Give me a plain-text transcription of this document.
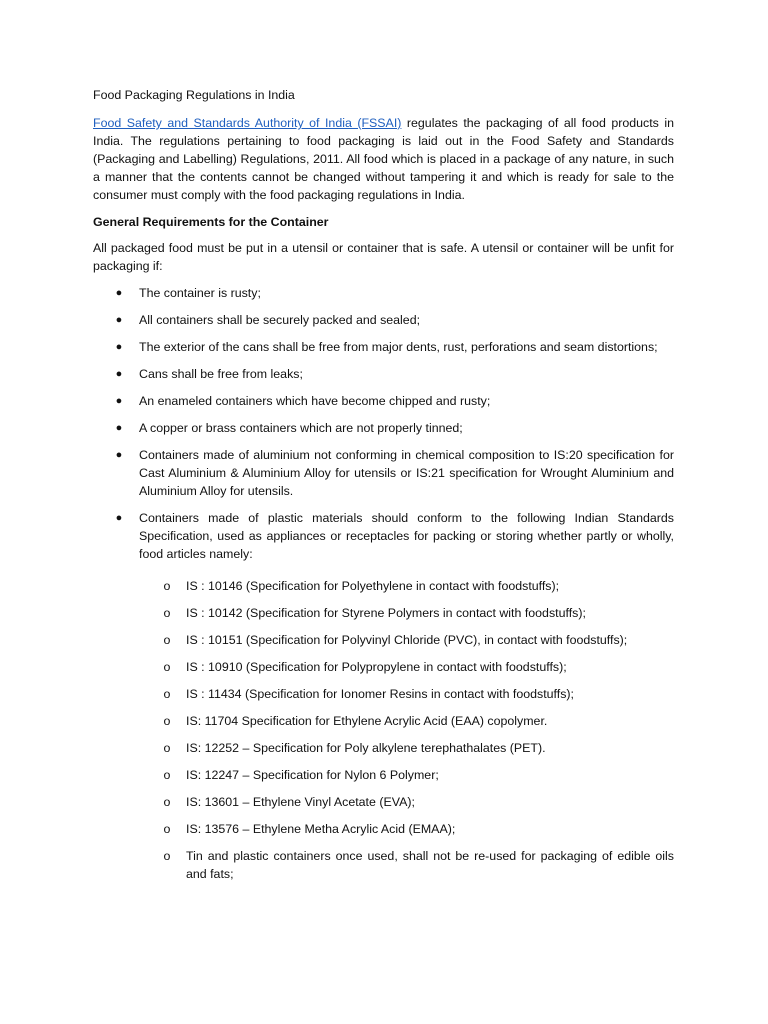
Food Packaging Regulations in India

Food Safety and Standards Authority of India (FSSAI) regulates the packaging of all food products in India. The regulations pertaining to food packaging is laid out in the Food Safety and Standards (Packaging and Labelling) Regulations, 2011. All food which is placed in a package of any nature, in such a manner that the contents cannot be changed without tampering it and which is ready for sale to the consumer must comply with the food packaging regulations in India.

General Requirements for the Container

All packaged food must be put in a utensil or container that is safe. A utensil or container will be unfit for packaging if:

● The container is rusty;
● All containers shall be securely packed and sealed;
● The exterior of the cans shall be free from major dents, rust, perforations and seam distortions;
● Cans shall be free from leaks;
● An enameled containers which have become chipped and rusty;
● A copper or brass containers which are not properly tinned;
● Containers made of aluminium not conforming in chemical composition to IS:20 specification for Cast Aluminium & Aluminium Alloy for utensils or IS:21 specification for Wrought Aluminium and Aluminium Alloy for utensils.
● Containers made of plastic materials should conform to the following Indian Standards Specification, used as appliances or receptacles for packing or storing whether partly or wholly, food articles namely:
o IS : 10146 (Specification for Polyethylene in contact with foodstuffs);
o IS : 10142 (Specification for Styrene Polymers in contact with foodstuffs);
o IS : 10151 (Specification for Polyvinyl Chloride (PVC), in contact with foodstuffs);
o IS : 10910 (Specification for Polypropylene in contact with foodstuffs);
o IS : 11434 (Specification for Ionomer Resins in contact with foodstuffs);
o IS: 11704 Specification for Ethylene Acrylic Acid (EAA) copolymer.
o IS: 12252 – Specification for Poly alkylene terephathalates (PET).
o IS: 12247 – Specification for Nylon 6 Polymer;
o IS: 13601 – Ethylene Vinyl Acetate (EVA);
o IS: 13576 – Ethylene Metha Acrylic Acid (EMAA);
o Tin and plastic containers once used, shall not be re-used for packaging of edible oils and fats;
